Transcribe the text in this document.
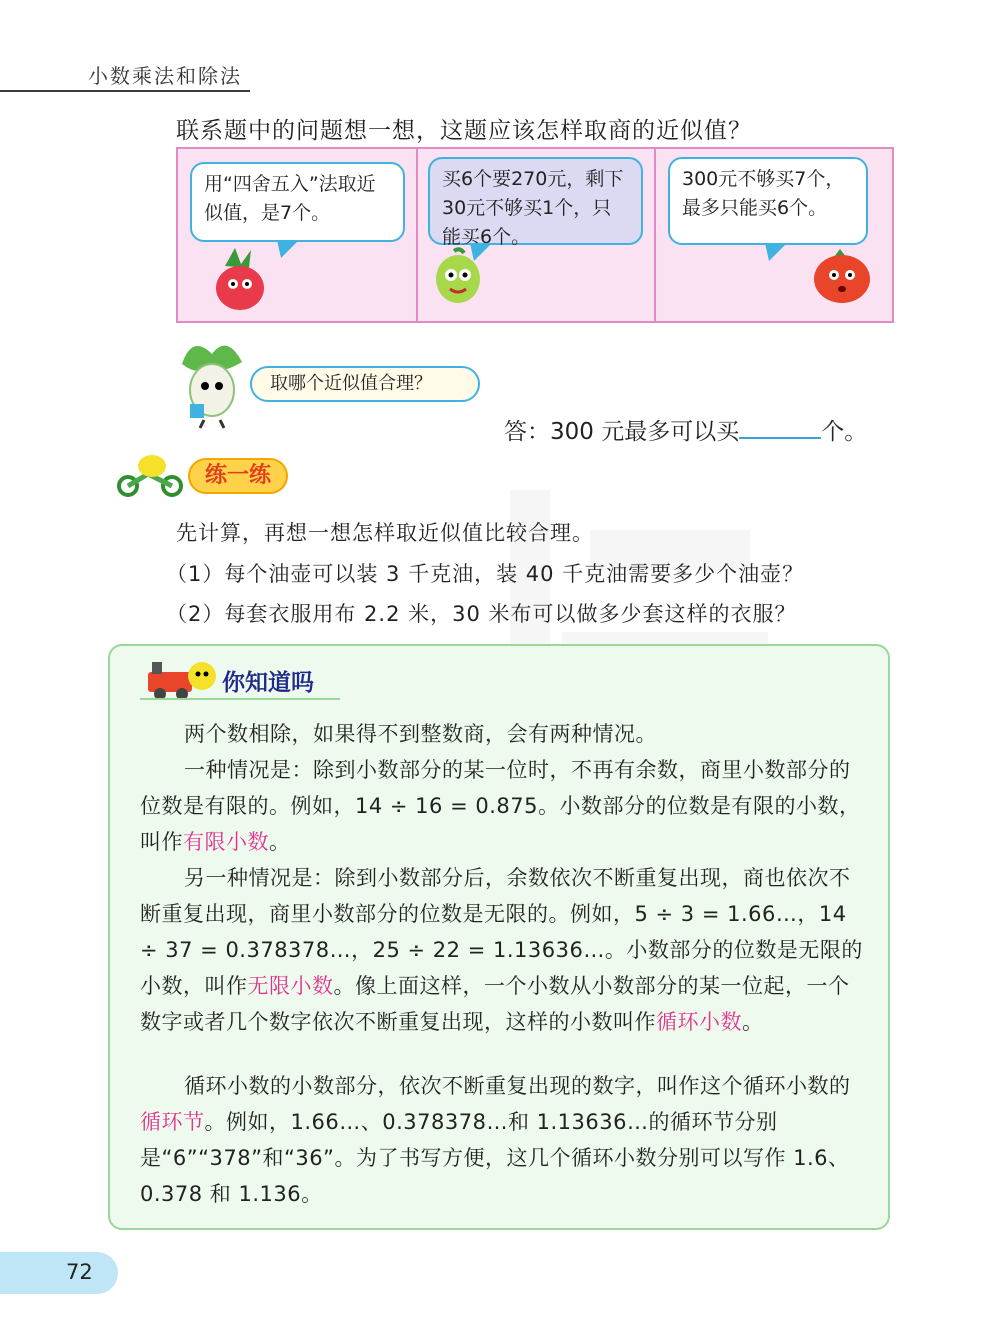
小数乘法和除法
联系题中的问题想一想，这题应该怎样取商的近似值？
用“四舍五入”法取近似值，是7个。
买6个要270元，剩下30元不够买1个，只能买6个。
300元不够买7个，最多只能买6个。
取哪个近似值合理？
答：300 元最多可以买	个。
练一练
先计算，再想一想怎样取近似值比较合理。
（1）每个油壶可以装 3 千克油，装 40 千克油需要多少个油壶？
（2）每套衣服用布 2.2 米，30 米布可以做多少套这样的衣服？
你知道吗
两个数相除，如果得不到整数商，会有两种情况。
一种情况是：除到小数部分的某一位时，不再有余数，商里小数部分的位数是有限的。例如，14 ÷ 16 = 0.875。小数部分的位数是有限的小数，叫作有限小数。
另一种情况是：除到小数部分后，余数依次不断重复出现，商也依次不断重复出现，商里小数部分的位数是无限的。例如，5 ÷ 3 = 1.66…，14 ÷ 37 = 0.378378…，25 ÷ 22 = 1.13636…。小数部分的位数是无限的小数，叫作无限小数。像上面这样，一个小数从小数部分的某一位起，一个数字或者几个数字依次不断重复出现，这样的小数叫作循环小数。
循环小数的小数部分，依次不断重复出现的数字，叫作这个循环小数的循环节。例如，1.66…、0.378378…和 1.13636…的循环节分别是“6”“378”和“36”。为了书写方便，这几个循环小数分别可以写作 1.6、0.378 和 1.136。
72
